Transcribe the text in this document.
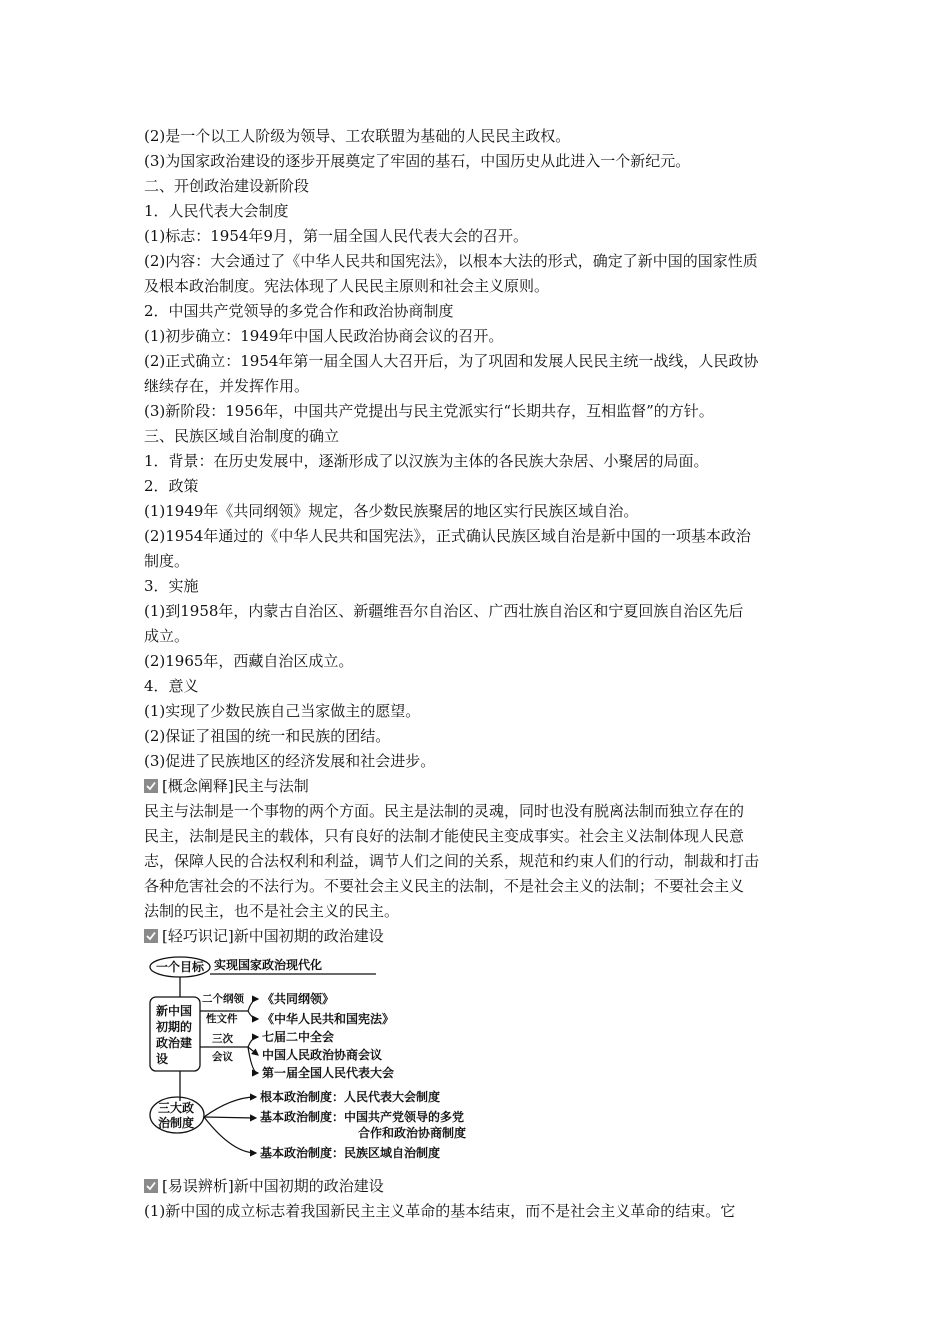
(2)是一个以工人阶级为领导、工农联盟为基础的人民民主政权。

(3)为国家政治建设的逐步开展奠定了牢固的基石，中国历史从此进入一个新纪元。

二、开创政治建设新阶段

1．人民代表大会制度

(1)标志：1954年9月，第一届全国人民代表大会的召开。

(2)内容：大会通过了《中华人民共和国宪法》，以根本大法的形式，确定了新中国的国家性质

及根本政治制度。宪法体现了人民民主原则和社会主义原则。

2．中国共产党领导的多党合作和政治协商制度

(1)初步确立：1949年中国人民政治协商会议的召开。

(2)正式确立：1954年第一届全国人大召开后，为了巩固和发展人民民主统一战线，人民政协

继续存在，并发挥作用。

(3)新阶段：1956年，中国共产党提出与民主党派实行“长期共存，互相监督”的方针。

三、民族区域自治制度的确立

1．背景：在历史发展中，逐渐形成了以汉族为主体的各民族大杂居、小聚居的局面。

2．政策

(1)1949年《共同纲领》规定，各少数民族聚居的地区实行民族区域自治。

(2)1954年通过的《中华人民共和国宪法》，正式确认民族区域自治是新中国的一项基本政治

制度。

3．实施

(1)到1958年，内蒙古自治区、新疆维吾尔自治区、广西壮族自治区和宁夏回族自治区先后

成立。

(2)1965年，西藏自治区成立。

4．意义

(1)实现了少数民族自己当家做主的愿望。

(2)保证了祖国的统一和民族的团结。

(3)促进了民族地区的经济发展和社会进步。

[概念阐释]民主与法制

民主与法制是一个事物的两个方面。民主是法制的灵魂，同时也没有脱离法制而独立存在的

民主，法制是民主的载体，只有良好的法制才能使民主变成事实。社会主义法制体现人民意

志，保障人民的合法权利和利益，调节人们之间的关系，规范和约束人们的行动，制裁和打击

各种危害社会的不法行为。不要社会主义民主的法制，不是社会主义的法制；不要社会主义

法制的民主，也不是社会主义的民主。

[轻巧识记]新中国初期的政治建设

一个目标 实现国家政治现代化
新中国
初期的
政治建
设
二个纲领
性文件
《共同纲领》
《中华人民共和国宪法》
三次
会议
七届二中全会
中国人民政治协商会议
第一届全国人民代表大会
三大政
治制度
根本政治制度：人民代表大会制度
基本政治制度：中国共产党领导的多党
合作和政治协商制度
基本政治制度：民族区域自治制度

[易误辨析]新中国初期的政治建设

(1)新中国的成立标志着我国新民主主义革命的基本结束，而不是社会主义革命的结束。它
